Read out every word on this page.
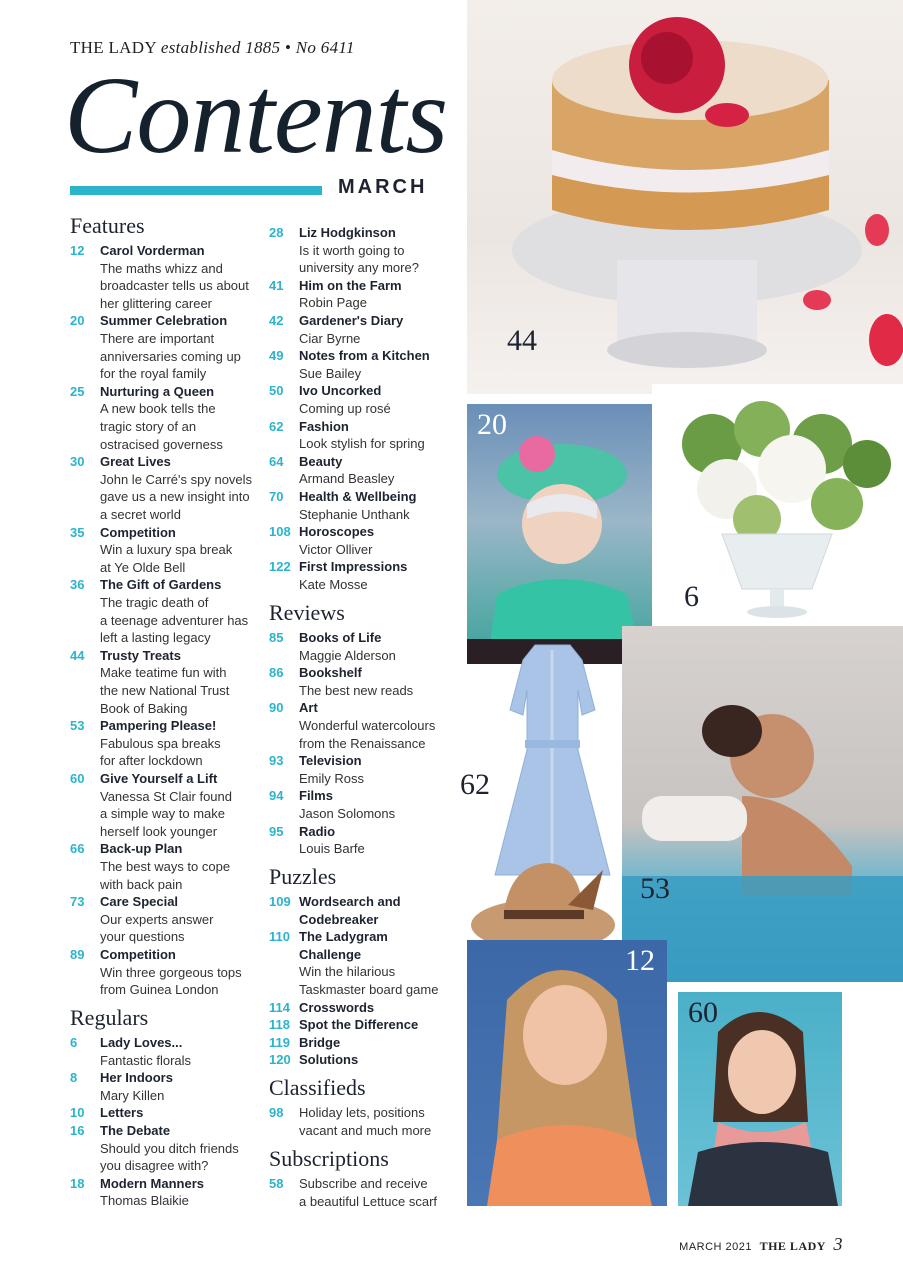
THE LADY established 1885 • No 6411
Contents
MARCH
Features
12 Carol Vorderman
The maths whizz and
broadcaster tells us about
her glittering career
20 Summer Celebration
There are important
anniversaries coming up
for the royal family
25 Nurturing a Queen
A new book tells the
tragic story of an
ostracised governess
30 Great Lives
John le Carré's spy novels
gave us a new insight into
a secret world
35 Competition
Win a luxury spa break
at Ye Olde Bell
36 The Gift of Gardens
The tragic death of
a teenage adventurer has
left a lasting legacy
44 Trusty Treats
Make teatime fun with
the new National Trust
Book of Baking
53 Pampering Please!
Fabulous spa breaks
for after lockdown
60 Give Yourself a Lift
Vanessa St Clair found
a simple way to make
herself look younger
66 Back-up Plan
The best ways to cope
with back pain
73 Care Special
Our experts answer
your questions
89 Competition
Win three gorgeous tops
from Guinea London
Regulars
6 Lady Loves...
Fantastic florals
8 Her Indoors
Mary Killen
10 Letters
16 The Debate
Should you ditch friends
you disagree with?
18 Modern Manners
Thomas Blaikie
28 Liz Hodgkinson
Is it worth going to
university any more?
41 Him on the Farm
Robin Page
42 Gardener's Diary
Ciar Byrne
49 Notes from a Kitchen
Sue Bailey
50 Ivo Uncorked
Coming up rosé
62 Fashion
Look stylish for spring
64 Beauty
Armand Beasley
70 Health & Wellbeing
Stephanie Unthank
108 Horoscopes
Victor Olliver
122 First Impressions
Kate Mosse
Reviews
85 Books of Life
Maggie Alderson
86 Bookshelf
The best new reads
90 Art
Wonderful watercolours
from the Renaissance
93 Television
Emily Ross
94 Films
Jason Solomons
95 Radio
Louis Barfe
Puzzles
109 Wordsearch and
Codebreaker
110 The Ladygram
Challenge
Win the hilarious
Taskmaster board game
114 Crosswords
118 Spot the Difference
119 Bridge
120 Solutions
Classifieds
98 Holiday lets, positions
vacant and much more
Subscriptions
58 Subscribe and receive
a beautiful Lettuce scarf
44
20
6
62
53
12
60
MARCH 2021 THE LADY 3
